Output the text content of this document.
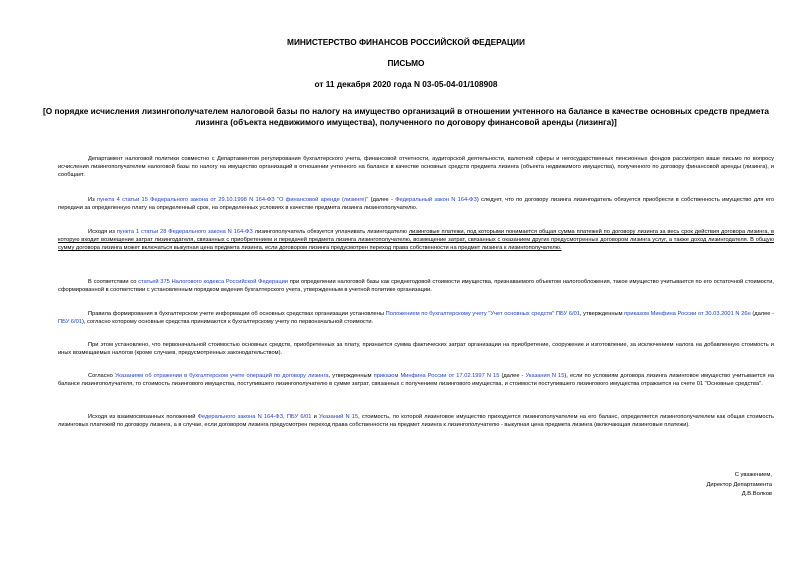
МИНИСТЕРСТВО ФИНАНСОВ РОССИЙСКОЙ ФЕДЕРАЦИИ
ПИСЬМО
от 11 декабря 2020 года N 03-05-04-01/108908
[О порядке исчисления лизингополучателем налоговой базы по налогу на имущество организаций в отношении учтенного на балансе в качестве основных средств предмета лизинга (объекта недвижимого имущества), полученного по договору финансовой аренды (лизинга)]

Департамент налоговой политики совместно с Департаментом регулирования бухгалтерского учета, финансовой отчетности, аудиторской деятельности, валютной сферы и негосударственных пенсионных фондов рассмотрел ваше письмо по вопросу исчисления лизингополучателем налоговой базы по налогу на имущество организаций в отношении учтенного на балансе в качестве основных средств предмета лизинга (объекта недвижимого имущества), полученного по договору финансовой аренды (лизинга), и сообщает.

Из пункта 4 статьи 15 Федерального закона от 29.10.1998 N 164-ФЗ "О финансовой аренде (лизинге)" (далее - Федеральный закон N 164-ФЗ) следует, что по договору лизинга лизингодатель обязуется приобрести в собственность имущество для его передачи за определенную плату на определенный срок, на определенных условиях в качестве предмета лизинга лизингополучателю.

Исходя из пункта 1 статьи 28 Федерального закона N 164-ФЗ лизингополучатель обязуется уплачивать лизингодателю лизинговые платежи, под которыми понимается общая сумма платежей по договору лизинга за весь срок действия договора лизинга, в которую входит возмещение затрат лизингодателя, связанных с приобретением и передачей предмета лизинга лизингополучателю, возмещение затрат, связанных с оказанием других предусмотренных договором лизинга услуг, а также доход лизингодателя. В общую сумму договора лизинга может включаться выкупная цена предмета лизинга, если договором лизинга предусмотрен переход права собственности на предмет лизинга к лизингополучателю.

В соответствии со статьей 375 Налогового кодекса Российской Федерации при определении налоговой базы как среднегодовой стоимости имущества, признаваемого объектом налогообложения, такое имущество учитывается по его остаточной стоимости, сформированной в соответствии с установленным порядком ведения бухгалтерского учета, утвержденным в учетной политике организации.

Правила формирования в бухгалтерском учете информации об основных средствах организации установлены Положением по бухгалтерскому учету "Учет основных средств" ПБУ 6/01, утвержденным приказом Минфина России от 30.03.2001 N 26н (далее - ПБУ 6/01), согласно которому основные средства принимаются к бухгалтерскому учету по первоначальной стоимости.

При этом установлено, что первоначальной стоимостью основных средств, приобретенных за плату, признается сумма фактических затрат организации на приобретение, сооружение и изготовление, за исключением налога на добавленную стоимость и иных возмещаемых налогов (кроме случаев, предусмотренных законодательством).

Согласно Указаниям об отражении в бухгалтерском учете операций по договору лизинга, утвержденным приказом Минфина России от 17.02.1997 N 15 (далее - Указания N 15), если по условиям договора лизинга лизинговое имущество учитывается на балансе лизингополучателя, то стоимость лизингового имущества, поступившего лизингополучателю в сумме затрат, связанных с получением лизингового имущества, и стоимости поступившего лизингового имущества отражается на счете 01 "Основные средства".

Исходя из взаимосвязанных положений Федерального закона N 164-ФЗ, ПБУ 6/01 и Указаний N 15, стоимость, по которой лизинговое имущество приходуется лизингополучателем на его баланс, определяется лизингополучателем как общая стоимость лизинговых платежей по договору лизинга, а в случае, если договором лизинга предусмотрен переход права собственности на предмет лизинга к лизингополучателю - выкупная цена предмета лизинга (включающая лизинговые платежи).

С уважением,
Директор Департамента
Д.В.Волков
